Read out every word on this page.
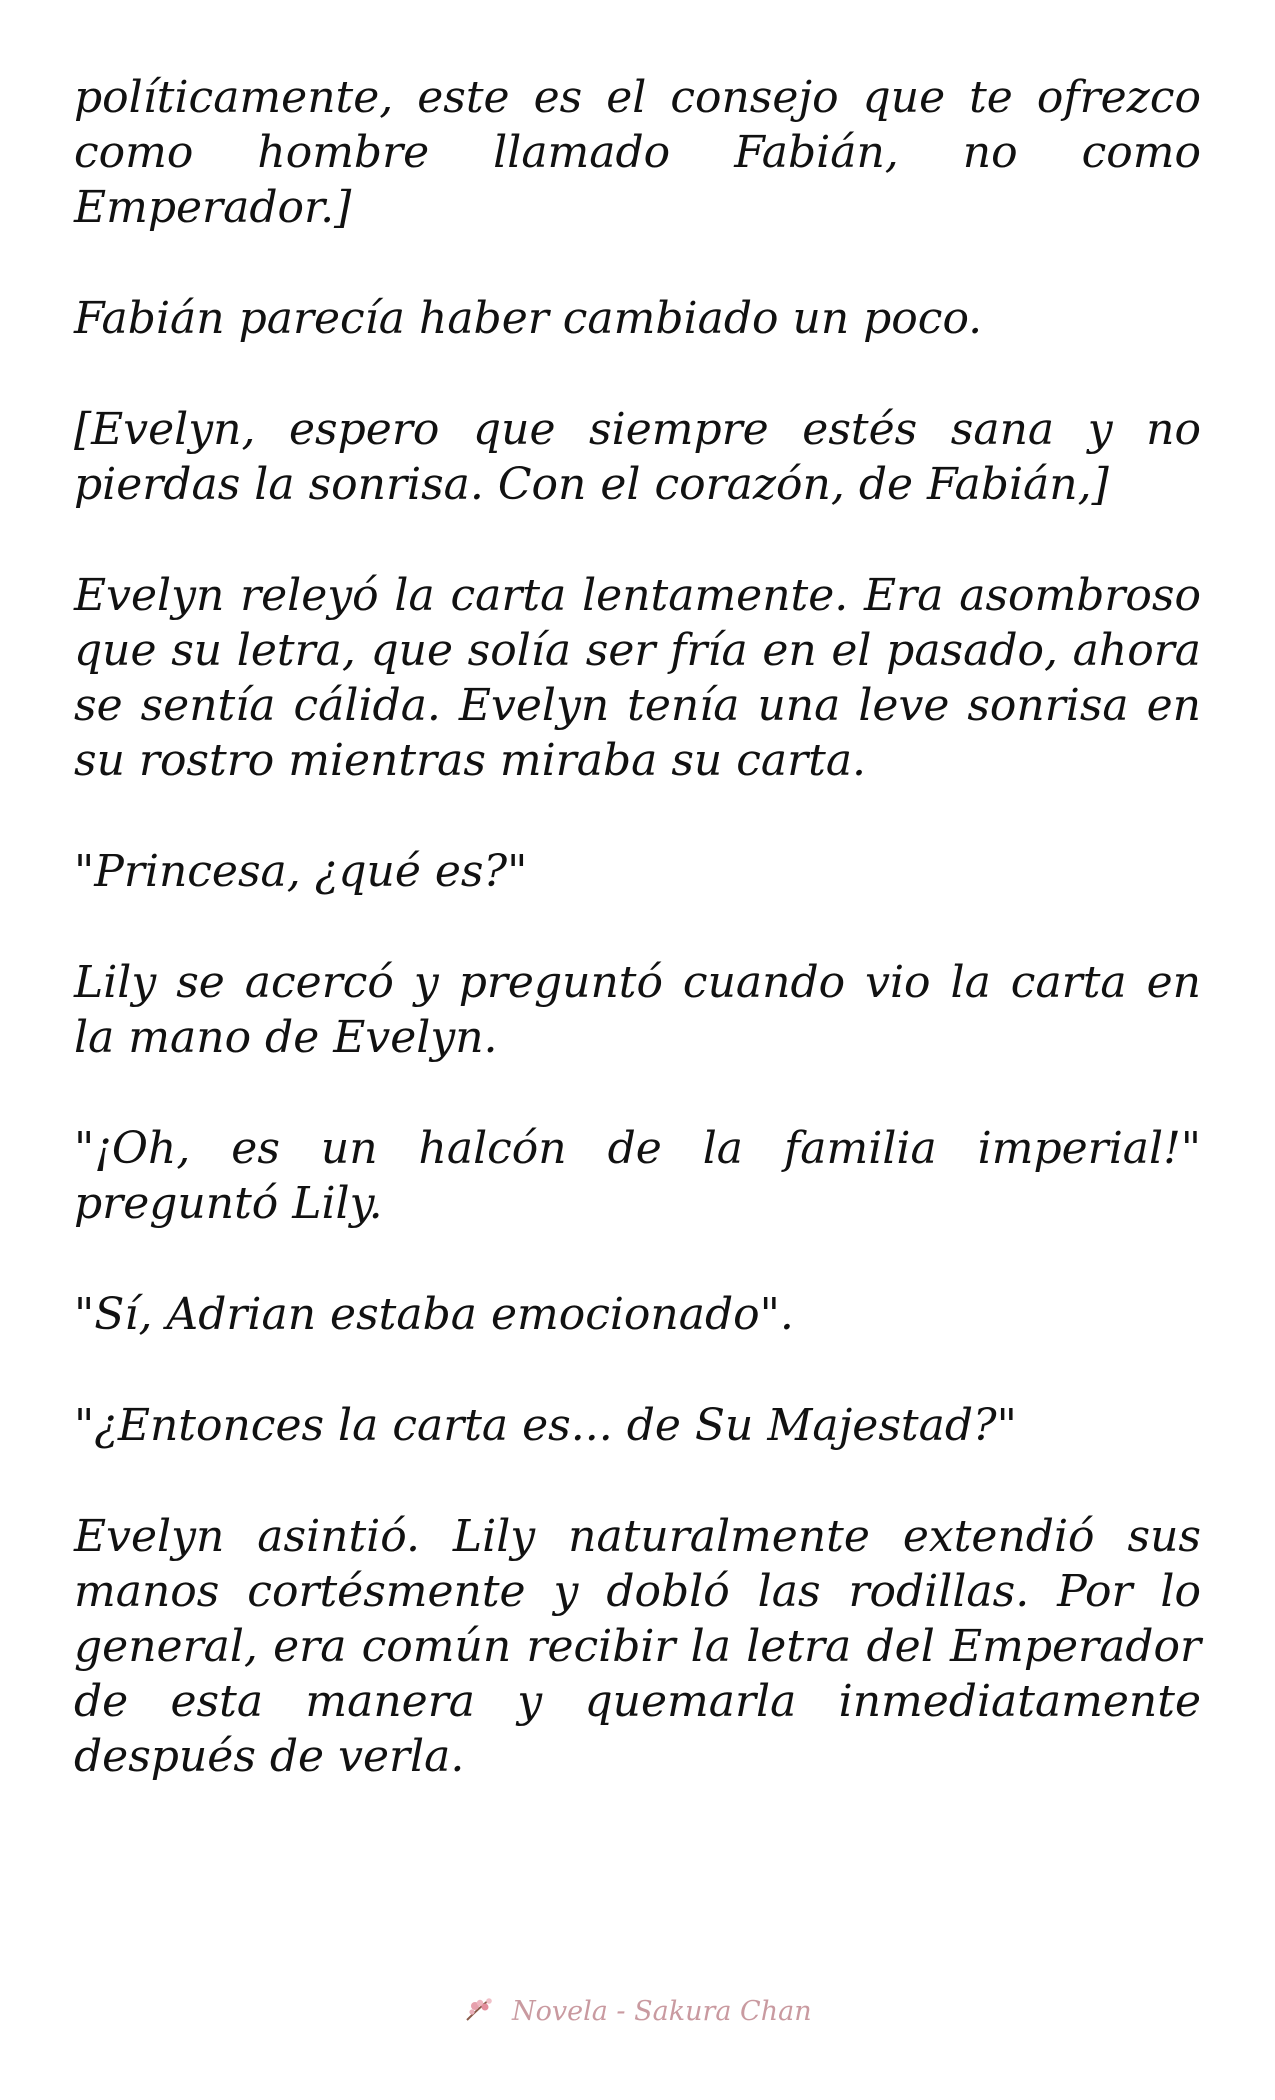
políticamente, este es el consejo que te ofrezco como hombre llamado Fabián, no como Emperador.]

Fabián parecía haber cambiado un poco.

[Evelyn, espero que siempre estés sana y no pierdas la sonrisa. Con el corazón, de Fabián,]

Evelyn releyó la carta lentamente. Era asombroso que su letra, que solía ser fría en el pasado, ahora se sentía cálida. Evelyn tenía una leve sonrisa en su rostro mientras miraba su carta.

"Princesa, ¿qué es?"

Lily se acercó y preguntó cuando vio la carta en la mano de Evelyn.

"¡Oh, es un halcón de la familia imperial!" preguntó Lily.

"Sí, Adrian estaba emocionado".

"¿Entonces la carta es... de Su Majestad?"

Evelyn asintió. Lily naturalmente extendió sus manos cortésmente y dobló las rodillas. Por lo general, era común recibir la letra del Emperador de esta manera y quemarla inmediatamente después de verla.

Novela - Sakura Chan
